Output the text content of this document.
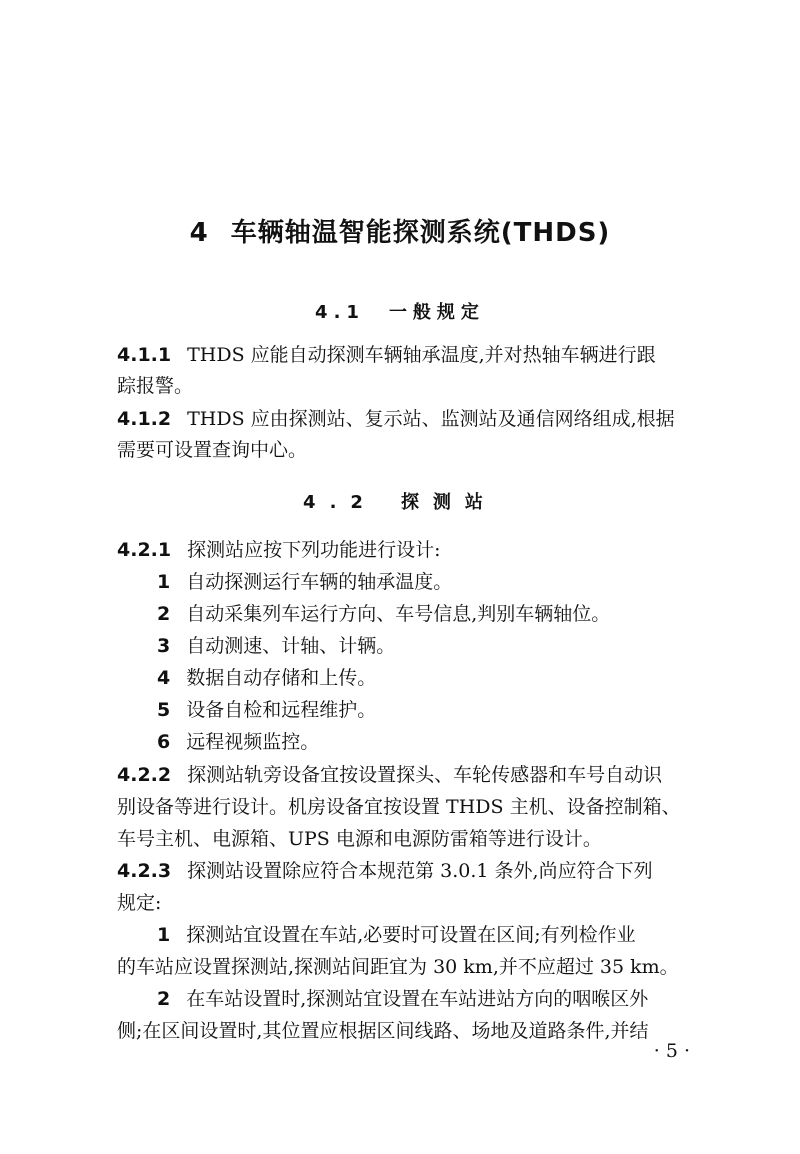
4 车辆轴温智能探测系统(THDS)
4.1 一般规定
4.2 探测站
4.1.1 THDS 应能自动探测车辆轴承温度,并对热轴车辆进行跟
踪报警。
4.1.2 THDS 应由探测站、复示站、监测站及通信网络组成,根据
需要可设置查询中心。
4.2.1 探测站应按下列功能进行设计:
1 自动探测运行车辆的轴承温度。
2 自动采集列车运行方向、车号信息,判别车辆轴位。
3 自动测速、计轴、计辆。
4 数据自动存储和上传。
5 设备自检和远程维护。
6 远程视频监控。
4.2.2 探测站轨旁设备宜按设置探头、车轮传感器和车号自动识
别设备等进行设计。机房设备宜按设置 THDS 主机、设备控制箱、
车号主机、电源箱、UPS 电源和电源防雷箱等进行设计。
4.2.3 探测站设置除应符合本规范第 3.0.1 条外,尚应符合下列
规定:
1 探测站宜设置在车站,必要时可设置在区间;有列检作业
的车站应设置探测站,探测站间距宜为 30 km,并不应超过 35 km。
2 在车站设置时,探测站宜设置在车站进站方向的咽喉区外
侧;在区间设置时,其位置应根据区间线路、场地及道路条件,并结
· 5 ·
